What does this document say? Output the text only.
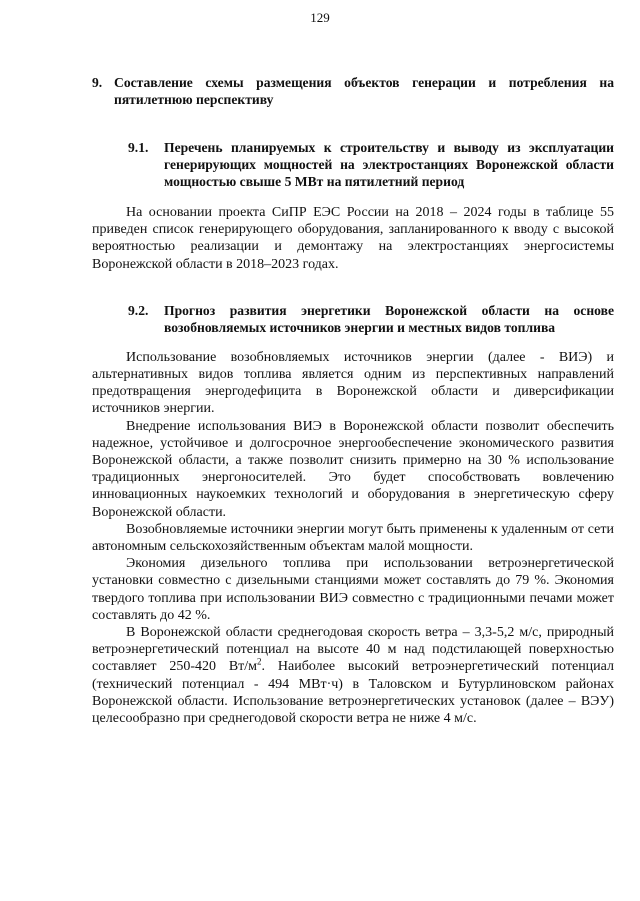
129
9. Составление схемы размещения объектов генерации и потребления на пятилетнюю перспективу
9.1.	Перечень планируемых к строительству и выводу из эксплуатации генерирующих мощностей на электростанциях Воронежской области мощностью свыше 5 МВт на пятилетний период

На основании проекта СиПР ЕЭС России на 2018 – 2024 годы в таблице 55 приведен список генерирующего оборудования, запланированного к вводу с высокой вероятностью реализации и демонтажу на электростанциях энергосистемы Воронежской области в 2018–2023 годах.

9.2.	Прогноз развития энергетики Воронежской области на основе возобновляемых источников энергии и местных видов топлива

Использование возобновляемых источников энергии (далее - ВИЭ) и альтернативных видов топлива является одним из перспективных направлений предотвращения энергодефицита в Воронежской области и диверсификации источников энергии.

Внедрение использования ВИЭ в Воронежской области позволит обеспечить надежное, устойчивое и долгосрочное энергообеспечение экономического развития Воронежской области, а также позволит снизить примерно на 30 % использование традиционных энергоносителей. Это будет способствовать вовлечению инновационных наукоемких технологий и оборудования в энергетическую сферу Воронежской области.

Возобновляемые источники энергии могут быть применены к удаленным от сети автономным сельскохозяйственным объектам малой мощности.

Экономия дизельного топлива при использовании ветроэнергетической установки совместно с дизельными станциями может составлять до 79 %. Экономия твердого топлива при использовании ВИЭ совместно с традиционными печами может составлять до 42 %.

В Воронежской области среднегодовая скорость ветра – 3,3-5,2 м/с, природный ветроэнергетический потенциал на высоте 40 м над подстилающей поверхностью составляет 250-420 $Вт/м^2$. Наиболее высокий ветроэнергетический потенциал (технический потенциал - 494 МВт·ч) в Таловском и Бутурлиновском районах Воронежской области. Использование ветроэнергетических установок (далее – ВЭУ) целесообразно при среднегодовой скорости ветра не ниже 4 м/с.
